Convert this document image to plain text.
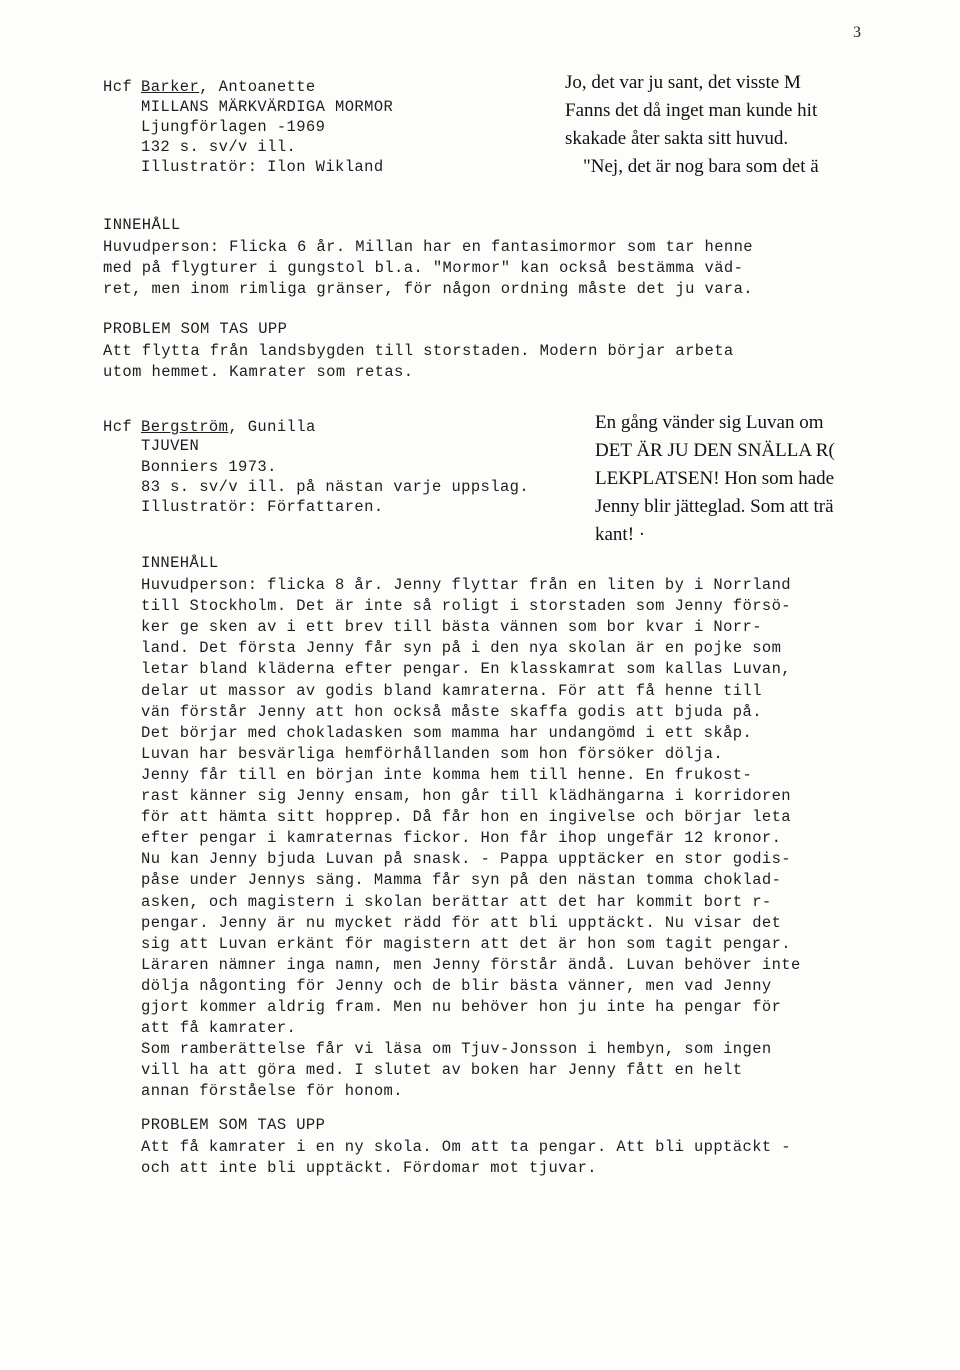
3
Hcf Barker, Antoanette
MILLANS MÄRKVÄRDIGA MORMOR
Ljungförlagen -1969
132 s. sv/v ill.
Illustratör: Ilon Wikland

Jo, det var ju sant, det visste M

Fanns det då inget man kunde hit

skakade åter sakta sitt huvud.

"Nej, det är nog bara som det ä

INNEHÅLL
Huvudperson: Flicka 6 år. Millan har en fantasimormor som tar henne
med på flygturer i gungstol bl.a. "Mormor" kan också bestämma väd-
ret, men inom rimliga gränser, för någon ordning måste det ju vara.
PROBLEM SOM TAS UPP
Att flytta från landsbygden till storstaden. Modern börjar arbeta
utom hemmet. Kamrater som retas.
Hcf Bergström, Gunilla
TJUVEN
Bonniers 1973.
83 s. sv/v ill. på nästan varje uppslag.
Illustratör: Författaren.

En gång vänder sig Luvan om

DET ÄR JU DEN SNÄLLA R(

LEKPLATSEN! Hon som hade

Jenny blir jätteglad. Som att trä

kant! ·

INNEHÅLL
Huvudperson: flicka 8 år. Jenny flyttar från en liten by i Norrland
till Stockholm. Det är inte så roligt i storstaden som Jenny försö-
ker ge sken av i ett brev till bästa vännen som bor kvar i Norr-
land. Det första Jenny får syn på i den nya skolan är en pojke som
letar bland kläderna efter pengar. En klasskamrat som kallas Luvan,
delar ut massor av godis bland kamraterna. För att få henne till
vän förstår Jenny att hon också måste skaffa godis att bjuda på.
Det börjar med chokladasken som mamma har undangömd i ett skåp.
Luvan har besvärliga hemförhållanden som hon försöker dölja.
Jenny får till en början inte komma hem till henne. En frukost-
rast känner sig Jenny ensam, hon går till klädhängarna i korridoren
för att hämta sitt hopprep. Då får hon en ingivelse och börjar leta
efter pengar i kamraternas fickor. Hon får ihop ungefär 12 kronor.
Nu kan Jenny bjuda Luvan på snask. - Pappa upptäcker en stor godis-
påse under Jennys säng. Mamma får syn på den nästan tomma choklad-
asken, och magistern i skolan berättar att det har kommit bort r-
pengar. Jenny är nu mycket rädd för att bli upptäckt. Nu visar det
sig att Luvan erkänt för magistern att det är hon som tagit pengar.
Läraren nämner inga namn, men Jenny förstår ändå. Luvan behöver inte
dölja någonting för Jenny och de blir bästa vänner, men vad Jenny
gjort kommer aldrig fram. Men nu behöver hon ju inte ha pengar för
att få kamrater.
Som ramberättelse får vi läsa om Tjuv-Jonsson i hembyn, som ingen
vill ha att göra med. I slutet av boken har Jenny fått en helt
annan förståelse för honom.
PROBLEM SOM TAS UPP
Att få kamrater i en ny skola. Om att ta pengar. Att bli upptäckt -
och att inte bli upptäckt. Fördomar mot tjuvar.
